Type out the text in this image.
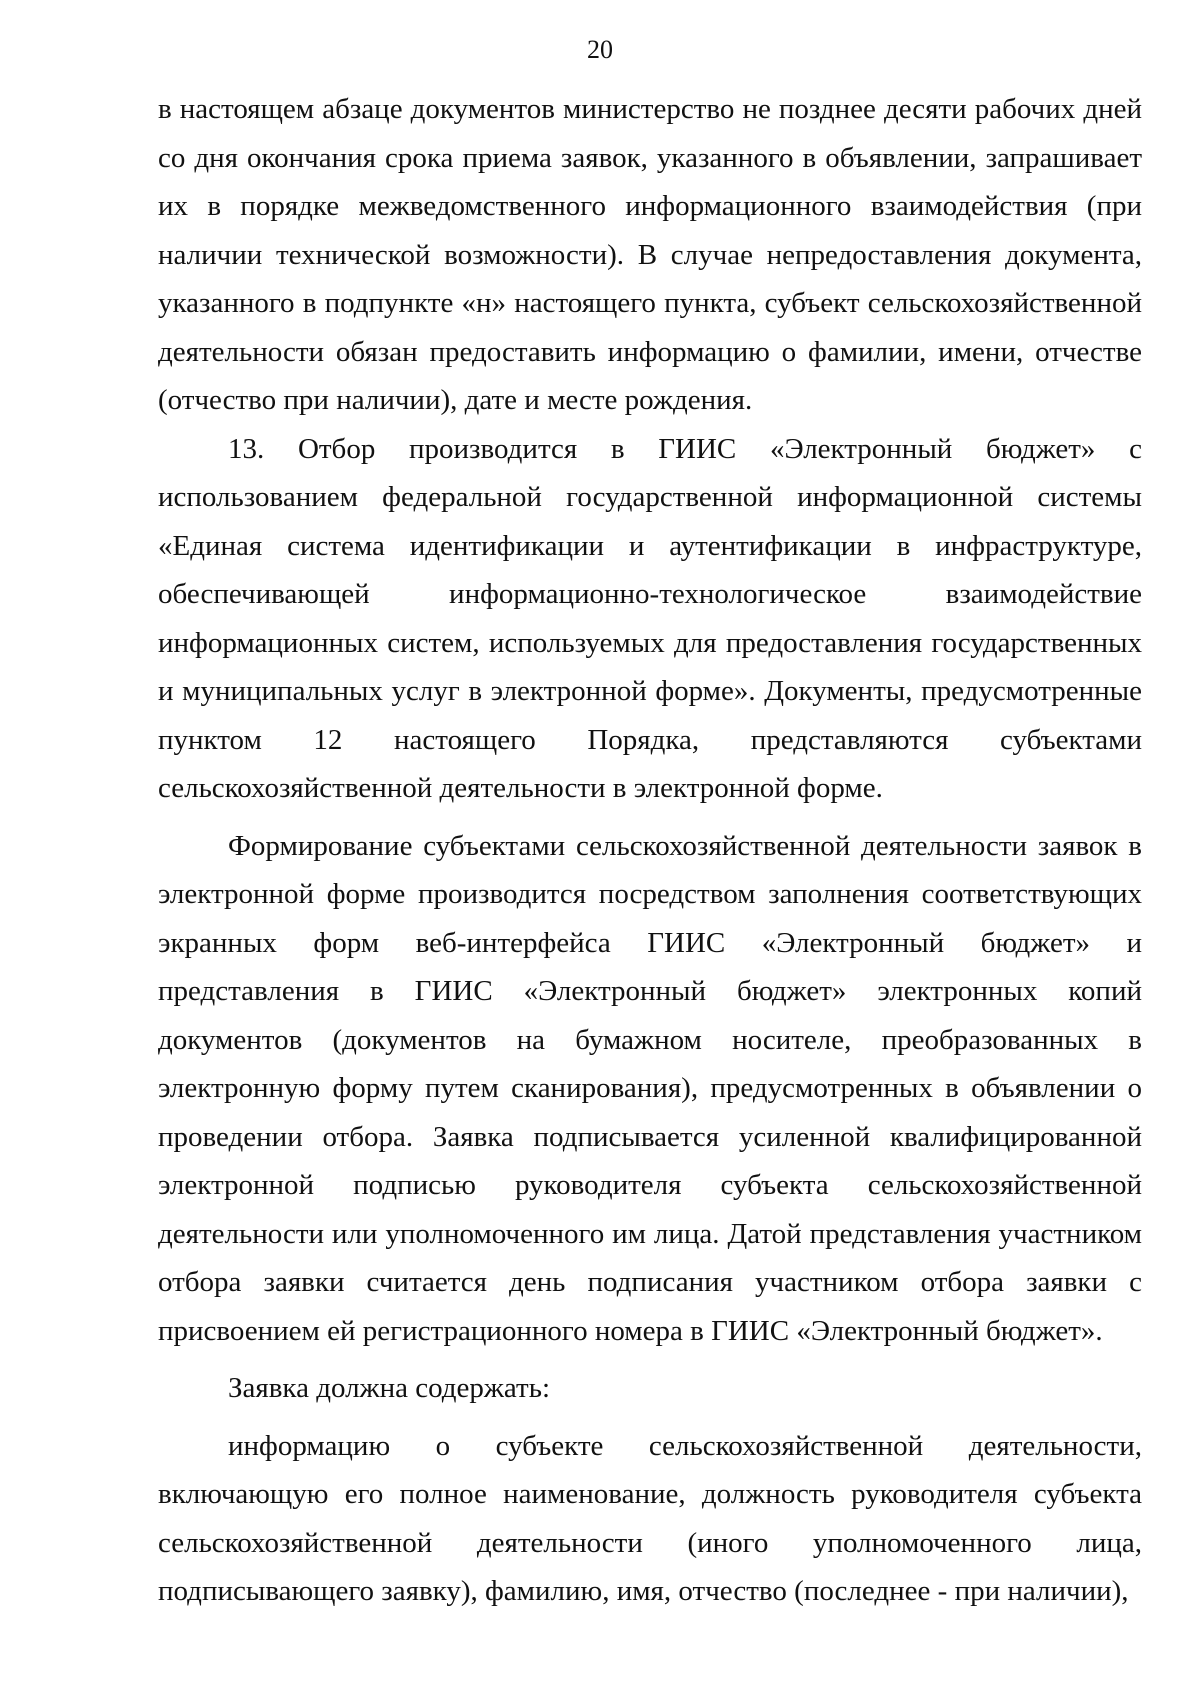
20

в настоящем абзаце документов министерство не позднее десяти рабочих дней со дня окончания срока приема заявок, указанного в объявлении, запрашивает их в порядке межведомственного информационного взаимодействия (при наличии технической возможности). В случае непредоставления документа, указанного в подпункте «н» настоящего пункта, субъект сельскохозяйственной деятельности обязан предоставить информацию о фамилии, имени, отчестве (отчество при наличии), дате и месте рождения.

13. Отбор производится в ГИИС «Электронный бюджет» с использованием федеральной государственной информационной системы «Единая система идентификации и аутентификации в инфраструктуре, обеспечивающей информационно-технологическое взаимодействие информационных систем, используемых для предоставления государственных и муниципальных услуг в электронной форме». Документы, предусмотренные пунктом 12 настоящего Порядка, представляются субъектами сельскохозяйственной деятельности в электронной форме.

Формирование субъектами сельскохозяйственной деятельности заявок в электронной форме производится посредством заполнения соответствующих экранных форм веб-интерфейса ГИИС «Электронный бюджет» и представления в ГИИС «Электронный бюджет» электронных копий документов (документов на бумажном носителе, преобразованных в электронную форму путем сканирования), предусмотренных в объявлении о проведении отбора. Заявка подписывается усиленной квалифицированной электронной подписью руководителя субъекта сельскохозяйственной деятельности или уполномоченного им лица. Датой представления участником отбора заявки считается день подписания участником отбора заявки с присвоением ей регистрационного номера в ГИИС «Электронный бюджет».

Заявка должна содержать:

информацию о субъекте сельскохозяйственной деятельности, включающую его полное наименование, должность руководителя субъекта сельскохозяйственной деятельности (иного уполномоченного лица, подписывающего заявку), фамилию, имя, отчество (последнее - при наличии),
